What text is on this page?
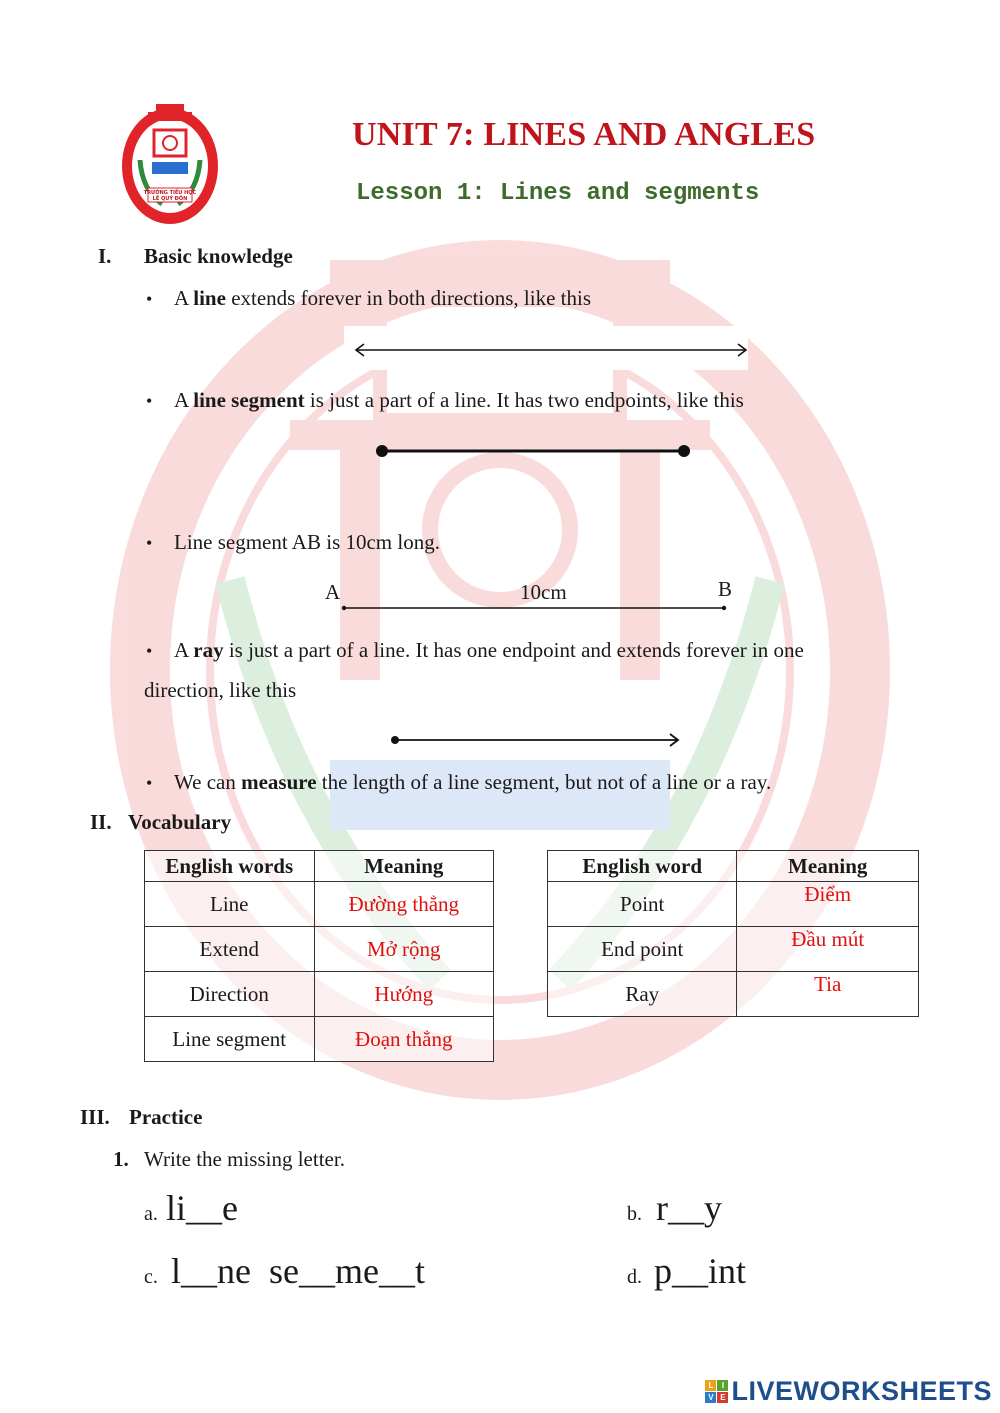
TRƯỜNG TIỂU HỌC
LÊ QUÝ ĐÔN
UNIT 7: LINES AND ANGLES
Lesson 1: Lines and segments
I. Basic knowledge
• A line extends forever in both directions, like this
• A line segment is just a part of a line. It has two endpoints, like this
• Line segment AB is 10cm long.
A	10cm	B
• A ray is just a part of a line. It has one endpoint and extends forever in one
direction, like this
• We can measure the length of a line segment, but not of a line or a ray.
II. Vocabulary
English words	Meaning
Line	Đường thẳng
Extend	Mở rộng
Direction	Hướng
Line segment	Đoạn thẳng
English word	Meaning
Point	Điểm
End point	Đầu mút
Ray	Tia
III. Practice
1. Write the missing letter.
a. li__e	b. r__y
c. l__ne  se__me__t	d. p__int
L	I
V E LIVEWORKSHEETS
